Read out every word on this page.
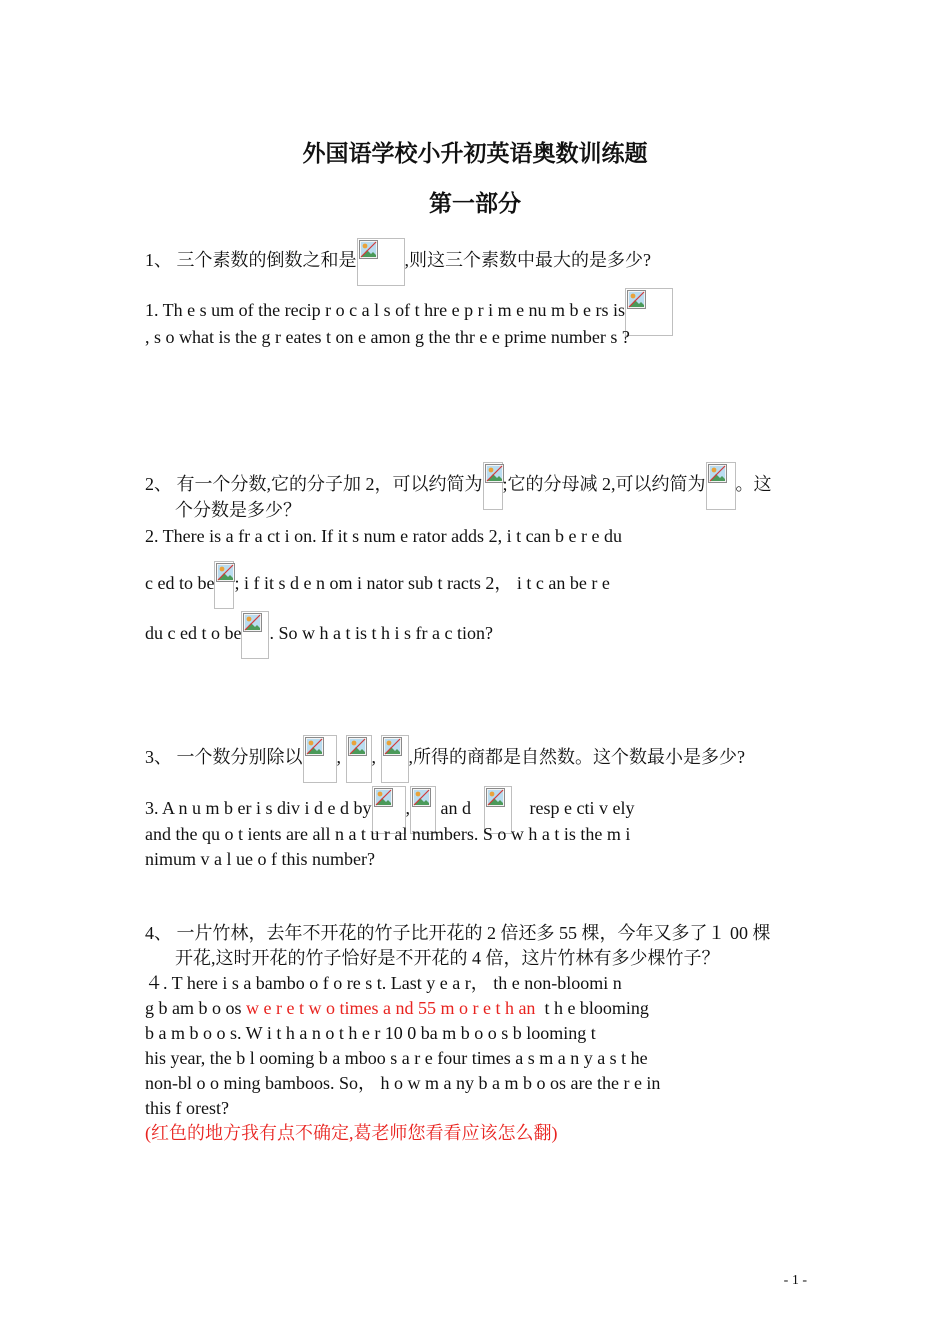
外国语学校小升初英语奥数训练题
第一部分
1、 三个素数的倒数之和是	,则这三个素数中最大的是多少?
1. Th e s um of the recip r o c a l s of t hre e p r i m e nu m b e rs is
, s o what is the g r eates t on e amon g the thr e e prime number s ?
2、 有一个分数,它的分子加 2，可以约简为 ;它的分母减 2,可以约简为 。这
个分数是多少？
2. There is a fr a ct i on. If it s num e rator adds 2, i t can b e r e du
c ed to be ; i f it s d e n om i nator sub t racts 2， i t c an be r e
du c ed t o be . So w h a t is t h i s fr a c tion?
3、 一个数分别除以 , , ,所得的商都是自然数。这个数最小是多少?
3. A n u m b er i s div i d e d by , an d	resp e cti v ely
and the qu o t ients are all n a t u r al numbers. S o w h a t is the m i
nimum v a l ue o f this number?
4、 一片竹林，去年不开花的竹子比开花的 2 倍还多 55 棵，今年又多了１ 00 棵
开花,这时开花的竹子恰好是不开花的 4 倍，这片竹林有多少棵竹子？
４. T here i s a bambo o f o re s t. Last y e a r， th e non-bloomi n
g b am b o os w e r e t w o times a nd 55 m o r e t h an t h e blooming
b a m b o o s. W i t h a n o t h e r 10 0 ba m b o o s b looming t
his year, the b l ooming b a mboo s a r e four times a s m a n y a s t he
non-bl o o ming bamboos. So， h o w m a ny b a m b o os are the r e in
this f orest?
(红色的地方我有点不确定,葛老师您看看应该怎么翻)
- 1 -
